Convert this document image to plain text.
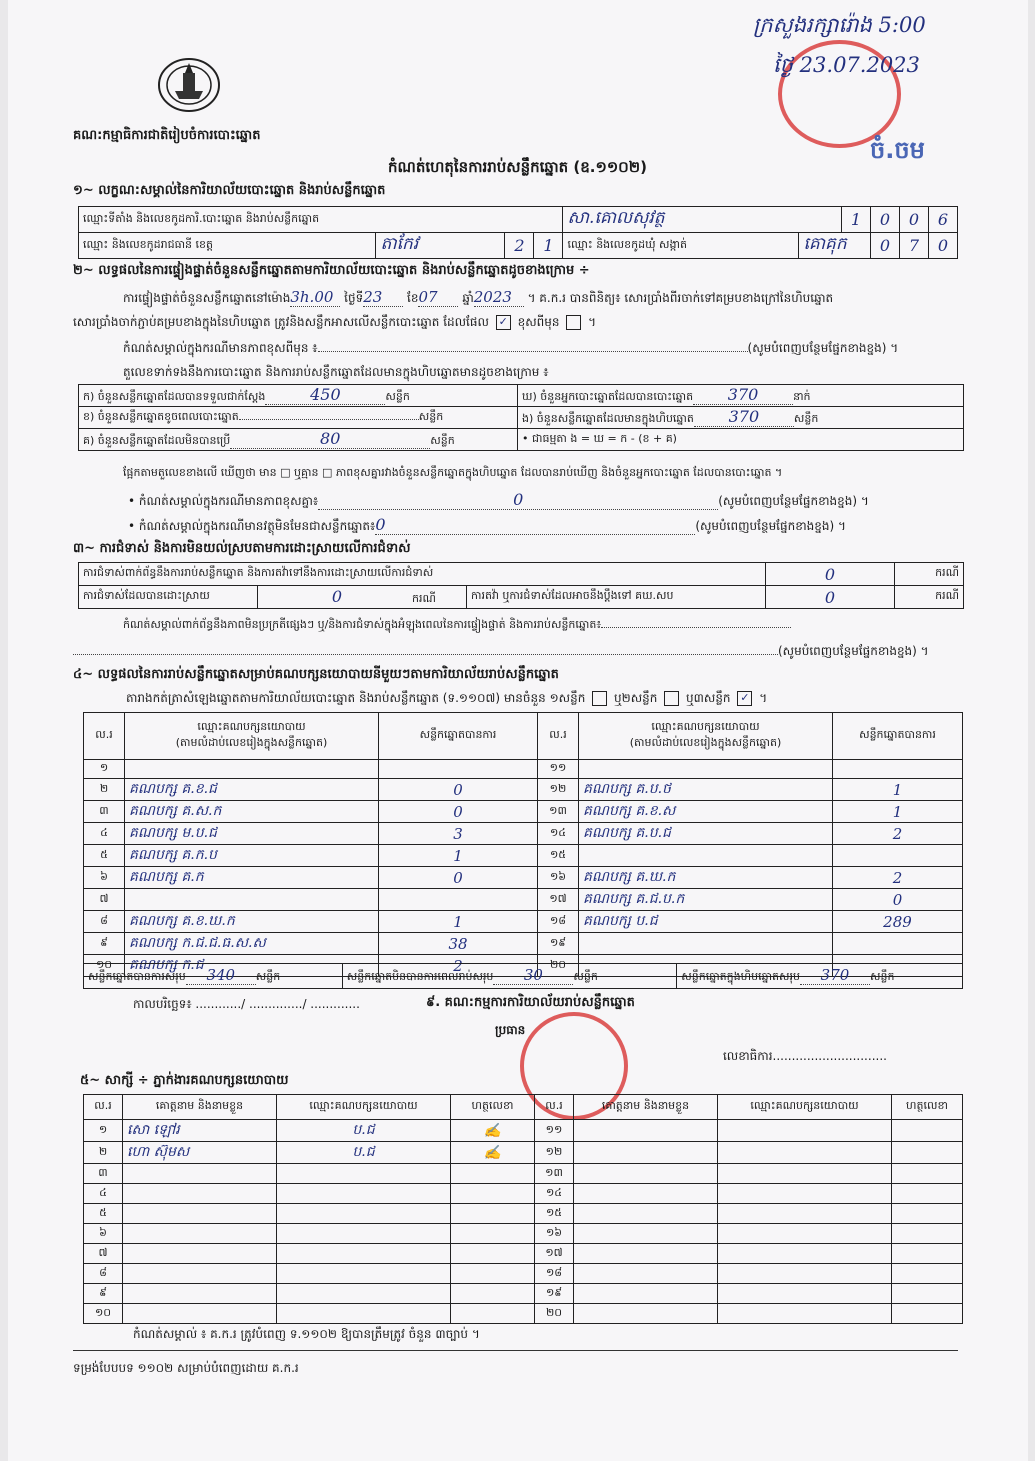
គណ:កម្មាធិការជាតិរៀបចំការបោះឆ្នោត
ក្រសួងរក្សារ៉ោង 5:00
ថ្ងៃ 23.07.2023
ចំ.ចម
កំណត់ហេតុនៃការរាប់សន្លឹកឆ្នោត (ឧ.១១០២)
១~ លក្ខណ:សម្គាល់នៃការិយាល័យបោះឆ្នោត និងរាប់សន្លឹកឆ្នោត
ឈ្មោះទីតាំង និងលេខកូដការិ.បោះឆ្នោត និងរាប់សន្លឹកឆ្នោត				សា.គោលសុវត្ថ		1	0	0	6
ឈ្មោះ និងលេខកូដរាជធានី ខេត្ត	តាកែវ	2	1	ឈ្មោះ និងលេខកូដឃុំ សង្កាត់	គោគុក		0	7	0
២~ លទ្ធផលនៃការផ្ទៀងផ្ទាត់ចំនួនសន្លឹកឆ្នោតតាមការិយាល័យបោះឆ្នោត និងរាប់សន្លឹកឆ្នោតដូចខាងក្រោម ÷
ការផ្ទៀងផ្ទាត់ចំនួនសន្លឹកឆ្នោតនៅម៉ោង3h.00 ថ្ងៃទី23 ខែ07 ឆ្នាំ2023 ។ គ.ក.រ បានពិនិត្យ៖ សោរប្រាំងពីរចាក់ទៅគម្របខាងក្រៅនៃហិបឆ្នោត
សោរប្រាំងចាក់ភ្ជាប់គម្របខាងក្នុងនៃហិបឆ្នោត ត្រូវនិងសន្លឹកអាសលើសន្លឹកបោះឆ្នោត ដែលផែល ✓ ខុសពីមុន  ។
កំណត់សម្គាល់ក្នុងករណីមានភាពខុសពីមុន ៖	(សូមបំពេញបន្ថែមផ្នែកខាងខ្នង) ។
តួលេខទាក់ទងនឹងការបោះឆ្នោត និងការរាប់សន្លឹកឆ្នោតដែលមានក្នុងហិបឆ្នោតមានដូចខាងក្រោម ៖
ក) ចំនួនសន្លឹកឆ្នោតដែលបានទទួលជាក់ស្តែង 450 សន្លឹក	ឃ) ចំនួនអ្នកបោះឆ្នោតដែលបានបោះឆ្នោត 370 នាក់
ខ) ចំនួនសន្លឹកឆ្នោតខូចពេលបោះឆ្នោត សន្លឹក	ង) ចំនួនសន្លឹកឆ្នោតដែលមានក្នុងហិបឆ្នោត 370 សន្លឹក
គ) ចំនួនសន្លឹកឆ្នោតដែលមិនបានប្រើ 80 សន្លឹក	• ជាធម្មតា ង = ឃ = ក - (ខ + គ)
ផ្អែកតាមតួលេខខាងលើ ឃើញថា មាន □ ឬគ្មាន □ ភាពខុសគ្នារវាងចំនួនសន្លឹកឆ្នោតក្នុងហិបឆ្នោត ដែលបានរាប់ឃើញ និងចំនួនអ្នកបោះឆ្នោត ដែលបានបោះឆ្នោត ។
• កំណត់សម្គាល់ក្នុងករណីមានភាពខុសគ្នា៖	0	(សូមបំពេញបន្ថែមផ្នែកខាងខ្នង) ។
• កំណត់សម្គាល់ក្នុងករណីមានវត្ថុមិនមែនជាសន្លឹកឆ្នោត៖0	(សូមបំពេញបន្ថែមផ្នែកខាងខ្នង) ។
៣~ ការជំទាស់ និងការមិនយល់ស្របតាមការដោះស្រាយលើការជំទាស់
ការជំទាស់ពាក់ព័ន្ធនឹងការរាប់សន្លឹកឆ្នោត និងការតវ៉ាទៅនឹងការដោះស្រាយលើការជំទាស់			0	ករណី
ការជំទាស់ដែលបានដោះស្រាយ	0 ករណី	ការតវ៉ា ឬការជំទាស់ដែលអាចនឹងប្តឹងទៅ គឃ.សប	0	ករណី
កំណត់សម្គាល់ពាក់ព័ន្ធនឹងភាពមិនប្រក្រតីផ្សេងៗ ឬ/និងការជំទាស់ក្នុងអំឡុងពេលនៃការផ្ទៀងផ្ទាត់ និងការរាប់សន្លឹកឆ្នោត៖
(សូមបំពេញបន្ថែមផ្នែកខាងខ្នង) ។
៤~ លទ្ធផលនៃការរាប់សន្លឹកឆ្នោតសម្រាប់គណបក្សនយោបាយនីមួយៗតាមការិយាល័យរាប់សន្លឹកឆ្នោត
តារាងកត់ត្រាសំឡេងឆ្នោតតាមការិយាល័យបោះឆ្នោត និងរាប់សន្លឹកឆ្នោត (ទ.១១០៧) មានចំនួន ១សន្លឹក ឬ២សន្លឹក ឬ៣សន្លឹក ✓ ។
ល.រ	ឈ្មោះគណបក្សនយោបាយ
(តាមលំដាប់លេខរៀងក្នុងសន្លឹកឆ្នោត)	សន្លឹកឆ្នោតបានការ	ល.រ	ឈ្មោះគណបក្សនយោបាយ
(តាមលំដាប់លេខរៀងក្នុងសន្លឹកឆ្នោត)	សន្លឹកឆ្នោតបានការ
១			១១		
២	គណបក្ស គ.ខ.ជ	0	១២	គណបក្ស គ.ប.ថ	1
៣	គណបក្ស គ.ស.ក	0	១៣	គណបក្ស គ.ខ.ស	1
៤	គណបក្ស ម.ប.ជ	3	១៤	គណបក្ស គ.ប.ជ	2
៥	គណបក្ស គ.ក.ប	1	១៥		
៦	គណបក្ស គ.ក	0	១៦	គណបក្ស គ.ឃ.ក	2
៧			១៧	គណបក្ស គ.ជ.ប.ក	0
៨	គណបក្ស គ.ខ.ឃ.ក	1	១៨	គណបក្ស ប.ជ	289
៩	គណបក្ស ក.ជ.ជ.ធ.ស.ស	38	១៩		
១០	គណបក្ស ក.ជ	2	២០		
សន្លឹកឆ្នោតបានការសរុប 340 សន្លឹក	សន្លឹកឆ្នោតមិនបានការពេលរាប់សរុប 30	សន្លឹក	សន្លឹកឆ្នោតក្នុងហិបឆ្នោតសរុប 370 សន្លឹក
កាលបរិច្ឆេទ៖ ............/ ............../ .............	៩. គណ:កម្មការការិយាល័យរាប់សន្លឹកឆ្នោត
ប្រធាន
លេខាធិការ..............................
៥~ សាក្សី ÷ ភ្នាក់ងារគណបក្សនយោបាយ
ល.រ	គោត្តនាម និងនាមខ្លួន	ឈ្មោះគណបក្សនយោបាយ	ហត្ថលេខា	ល.រ	គោត្តនាម និងនាមខ្លួន	ឈ្មោះគណបក្សនយោបាយ	ហត្ថលេខា
១	សោ ឡៅរ	ប.ជ	✍	១១			
២	ហោ ស៊ុមស	ប.ជ	✍	១២			
៣				១៣			
៤				១៤			
៥				១៥			
៦				១៦			
៧				១៧			
៨				១៨			
៩				១៩			
១០				២០			
កំណត់សម្គាល់ ៖ គ.ក.រ ត្រូវបំពេញ ទ.១១០២ ឱ្យបានត្រឹមត្រូវ ចំនួន ៣ច្បាប់ ។
ទម្រង់បែបបទ ១១០២ សម្រាប់បំពេញដោយ គ.ក.រ
